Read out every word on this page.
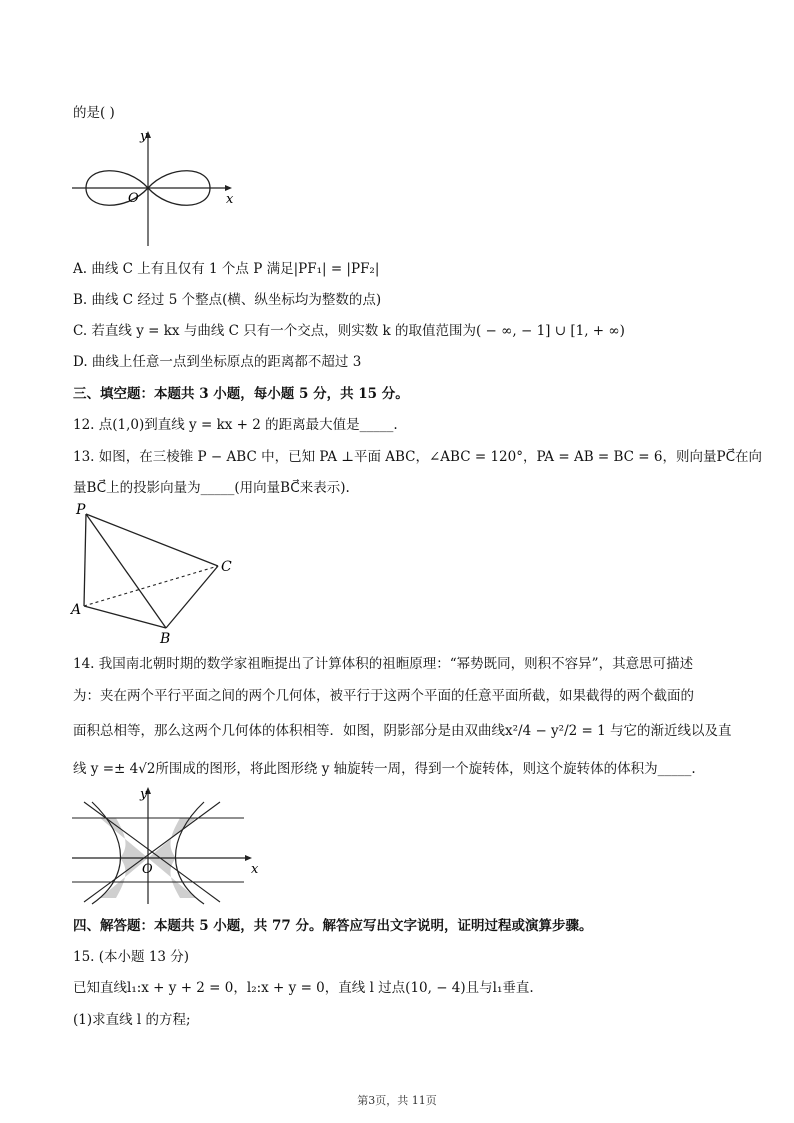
的是( )
y
x
O
A. 曲线 C 上有且仅有 1 个点 P 满足|PF₁| = |PF₂|
B. 曲线 C 经过 5 个整点(横、纵坐标均为整数的点)
C. 若直线 y = kx 与曲线 C 只有一个交点，则实数 k 的取值范围为( − ∞, − 1] ∪ [1, + ∞)
D. 曲线上任意一点到坐标原点的距离都不超过 3
三、填空题：本题共 3 小题，每小题 5 分，共 15 分。
12. 点(1,0)到直线 y = kx + 2 的距离最大值是_____.
13. 如图，在三棱锥 P − ABC 中，已知 PA ⊥平面 ABC，∠ABC = 120°，PA = AB = BC = 6，则向量PC⃗在向
量BC⃗上的投影向量为_____(用向量BC⃗来表示).
P
A
B
C
14. 我国南北朝时期的数学家祖暅提出了计算体积的祖暅原理：“幂势既同，则积不容异”，其意思可描述
为：夹在两个平行平面之间的两个几何体，被平行于这两个平面的任意平面所截，如果截得的两个截面的
面积总相等，那么这两个几何体的体积相等．如图，阴影部分是由双曲线x²/4 − y²/2 = 1 与它的渐近线以及直
线 y =± 4√2所围成的图形，将此图形绕 y 轴旋转一周，得到一个旋转体，则这个旋转体的体积为_____.
y
x
O
四、解答题：本题共 5 小题，共 77 分。解答应写出文字说明，证明过程或演算步骤。
15. (本小题 13 分)
已知直线l₁:x + y + 2 = 0，l₂:x + y = 0，直线 l 过点(10, − 4)且与l₁垂直.
(1)求直线 l 的方程;
第3页，共 11页
